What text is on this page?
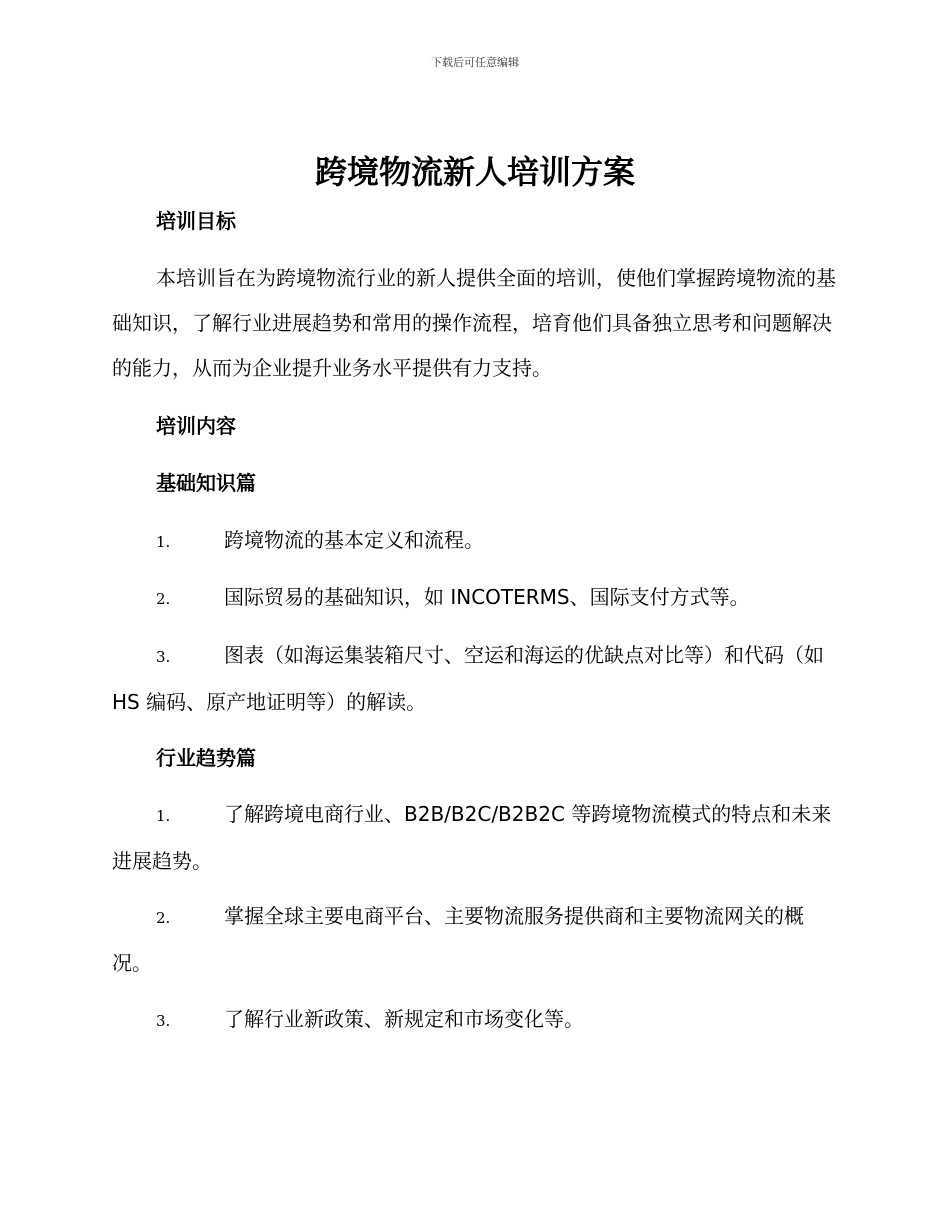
下载后可任意编辑
跨境物流新人培训方案
培训目标

本培训旨在为跨境物流行业的新人提供全面的培训，使他们掌握跨境物流的基础知识，了解行业进展趋势和常用的操作流程，培育他们具备独立思考和问题解决的能力，从而为企业提升业务水平提供有力支持。

培训内容
基础知识篇

1.	跨境物流的基本定义和流程。

2.	国际贸易的基础知识，如 INCOTERMS、国际支付方式等。

3.	图表（如海运集装箱尺寸、空运和海运的优缺点对比等）和代码（如 HS 编码、原产地证明等）的解读。

行业趋势篇

1.	了解跨境电商行业、B2B/B2C/B2B2C 等跨境物流模式的特点和未来进展趋势。

2.	掌握全球主要电商平台、主要物流服务提供商和主要物流网关的概况。

3.	了解行业新政策、新规定和市场变化等。
